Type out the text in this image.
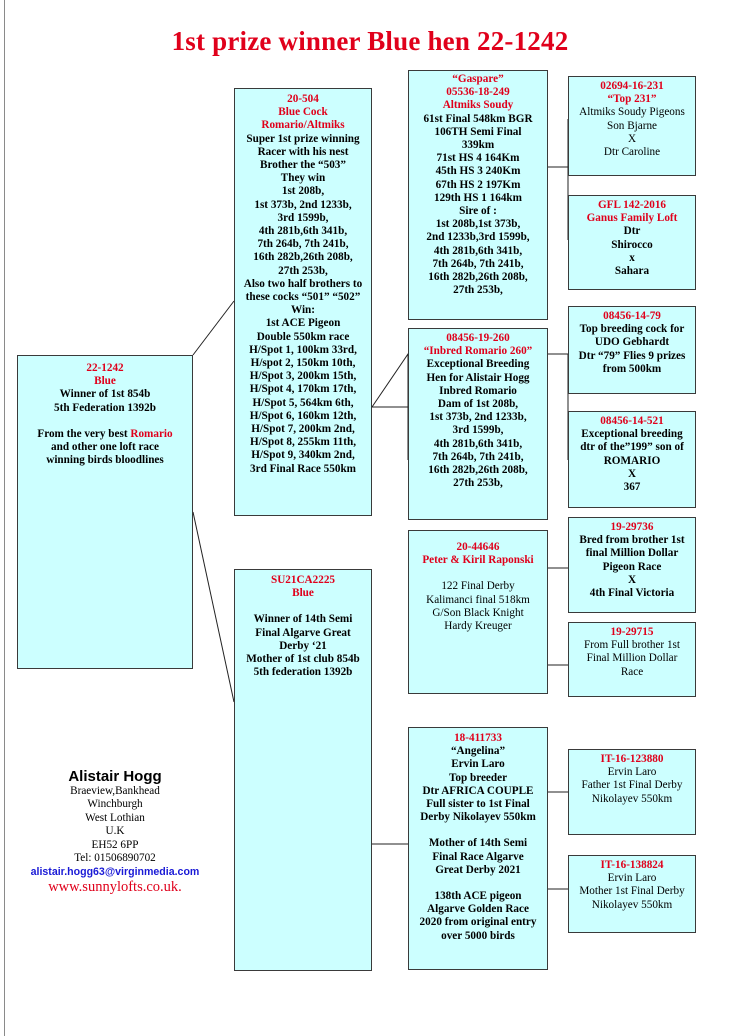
1st prize winner Blue hen 22-1242
22-1242
Blue
Winner of 1st 854b
5th Federation 1392b
From the very best Romario
and other one loft race
winning birds bloodlines
20-504
Blue Cock
Romario/Altmiks
Super 1st prize winning
Racer with his nest
Brother the “503”
They win
1st 208b,
1st 373b, 2nd 1233b,
3rd 1599b,
4th 281b,6th 341b,
7th 264b, 7th 241b,
16th 282b,26th 208b,
27th 253b,
Also two half brothers to
these cocks “501” “502”
Win:
1st ACE Pigeon
Double 550km race
H/Spot 1, 100km 33rd,
H/spot 2, 150km 10th,
H/Spot 3, 200km 15th,
H/Spot 4, 170km 17th,
H/Spot 5, 564km 6th,
H/Spot 6, 160km 12th,
H/Spot 7, 200km 2nd,
H/Spot 8, 255km 11th,
H/Spot 9, 340km 2nd,
3rd Final Race 550km
SU21CA2225
Blue
Winner of 14th Semi
Final Algarve Great
Derby ‘21
Mother of 1st club 854b
5th federation 1392b
“Gaspare”
05536-18-249
Altmiks Soudy
61st Final 548km BGR
106TH Semi Final
339km
71st HS 4 164Km
45th HS 3 240Km
67th HS 2 197Km
129th HS 1 164km
Sire of :
1st 208b,1st 373b,
2nd 1233b,3rd 1599b,
4th 281b,6th 341b,
7th 264b, 7th 241b,
16th 282b,26th 208b,
27th 253b,
08456-19-260
“Inbred Romario 260”
Exceptional Breeding
Hen for Alistair Hogg
Inbred Romario
Dam of 1st 208b,
1st 373b, 2nd 1233b,
3rd 1599b,
4th 281b,6th 341b,
7th 264b, 7th 241b,
16th 282b,26th 208b,
27th 253b,
20-44646
Peter & Kiril Raponski
122 Final Derby
Kalimanci final 518km
G/Son Black Knight
Hardy Kreuger
18-411733
“Angelina”
Ervin Laro
Top breeder
Dtr AFRICA COUPLE
Full sister to 1st Final
Derby Nikolayev 550km
Mother of 14th Semi
Final Race Algarve
Great Derby 2021
138th ACE pigeon
Algarve Golden Race
2020 from original entry
over 5000 birds
02694-16-231
“Top 231”
Altmiks Soudy Pigeons
Son Bjarne
X
Dtr Caroline
GFL 142-2016
Ganus Family Loft
Dtr
Shirocco
x
Sahara
08456-14-79
Top breeding cock for
UDO Gebhardt
Dtr “79” Flies 9 prizes
from 500km
08456-14-521
Exceptional breeding
dtr of the”199” son of
ROMARIO
X
367
19-29736
Bred from brother 1st
final Million Dollar
Pigeon Race
X
4th Final Victoria
19-29715
From Full brother 1st
Final Million Dollar
Race
IT-16-123880
Ervin Laro
Father 1st Final Derby
Nikolayev 550km
IT-16-138824
Ervin Laro
Mother 1st Final Derby
Nikolayev 550km
Alistair Hogg
Braeview,Bankhead
Winchburgh
West Lothian
U.K
EH52 6PP
Tel: 01506890702
alistair.hogg63@virginmedia.com
www.sunnylofts.co.uk.
